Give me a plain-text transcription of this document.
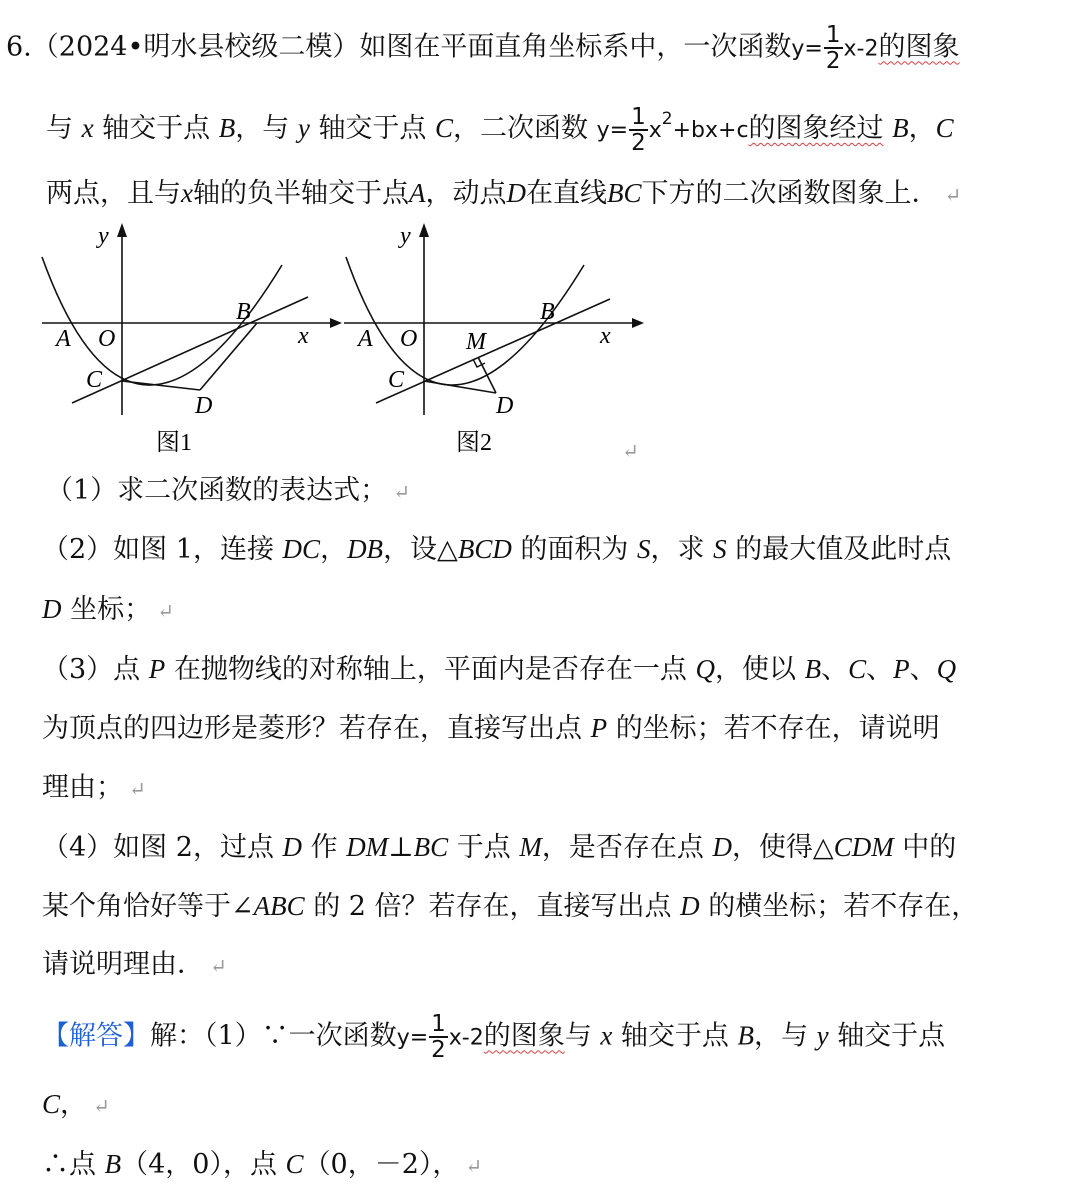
6.（2024•明水县校级二模）如图在平面直角坐标系中，一次函数$y= \frac{1}{2} x-2$的图象
与 x 轴交于点 B，与 y 轴交于点 C，二次函数 $y= \frac{1}{2} x^2+bx+c$的图象经过 B，C
两点，且与x轴的负半轴交于点A，动点D在直线BC下方的二次函数图象上． ↵
y
x
A O
B
C
D
图1
y
x
A O
B
M
C
D
图2	↵
（1）求二次函数的表达式； ↵
（2）如图 1，连接 DC，DB，设△BCD 的面积为 S，求 S 的最大值及此时点
D 坐标； ↵
（3）点 P 在抛物线的对称轴上，平面内是否存在一点 Q，使以 B、C、P、Q
为顶点的四边形是菱形？若存在，直接写出点 P 的坐标；若不存在，请说明
理由； ↵
（4）如图 2，过点 D 作 DM⊥BC 于点 M，是否存在点 D，使得△CDM 中的
某个角恰好等于∠ABC 的 2 倍？若存在，直接写出点 D 的横坐标；若不存在，
请说明理由． ↵
【解答】解：（1）∵一次函数$y= \frac{1}{2} x-2$的图象与 x 轴交于点 B，与 y 轴交于点
C， ↵
∴点 B（4，0），点 C（0，－2）， ↵
